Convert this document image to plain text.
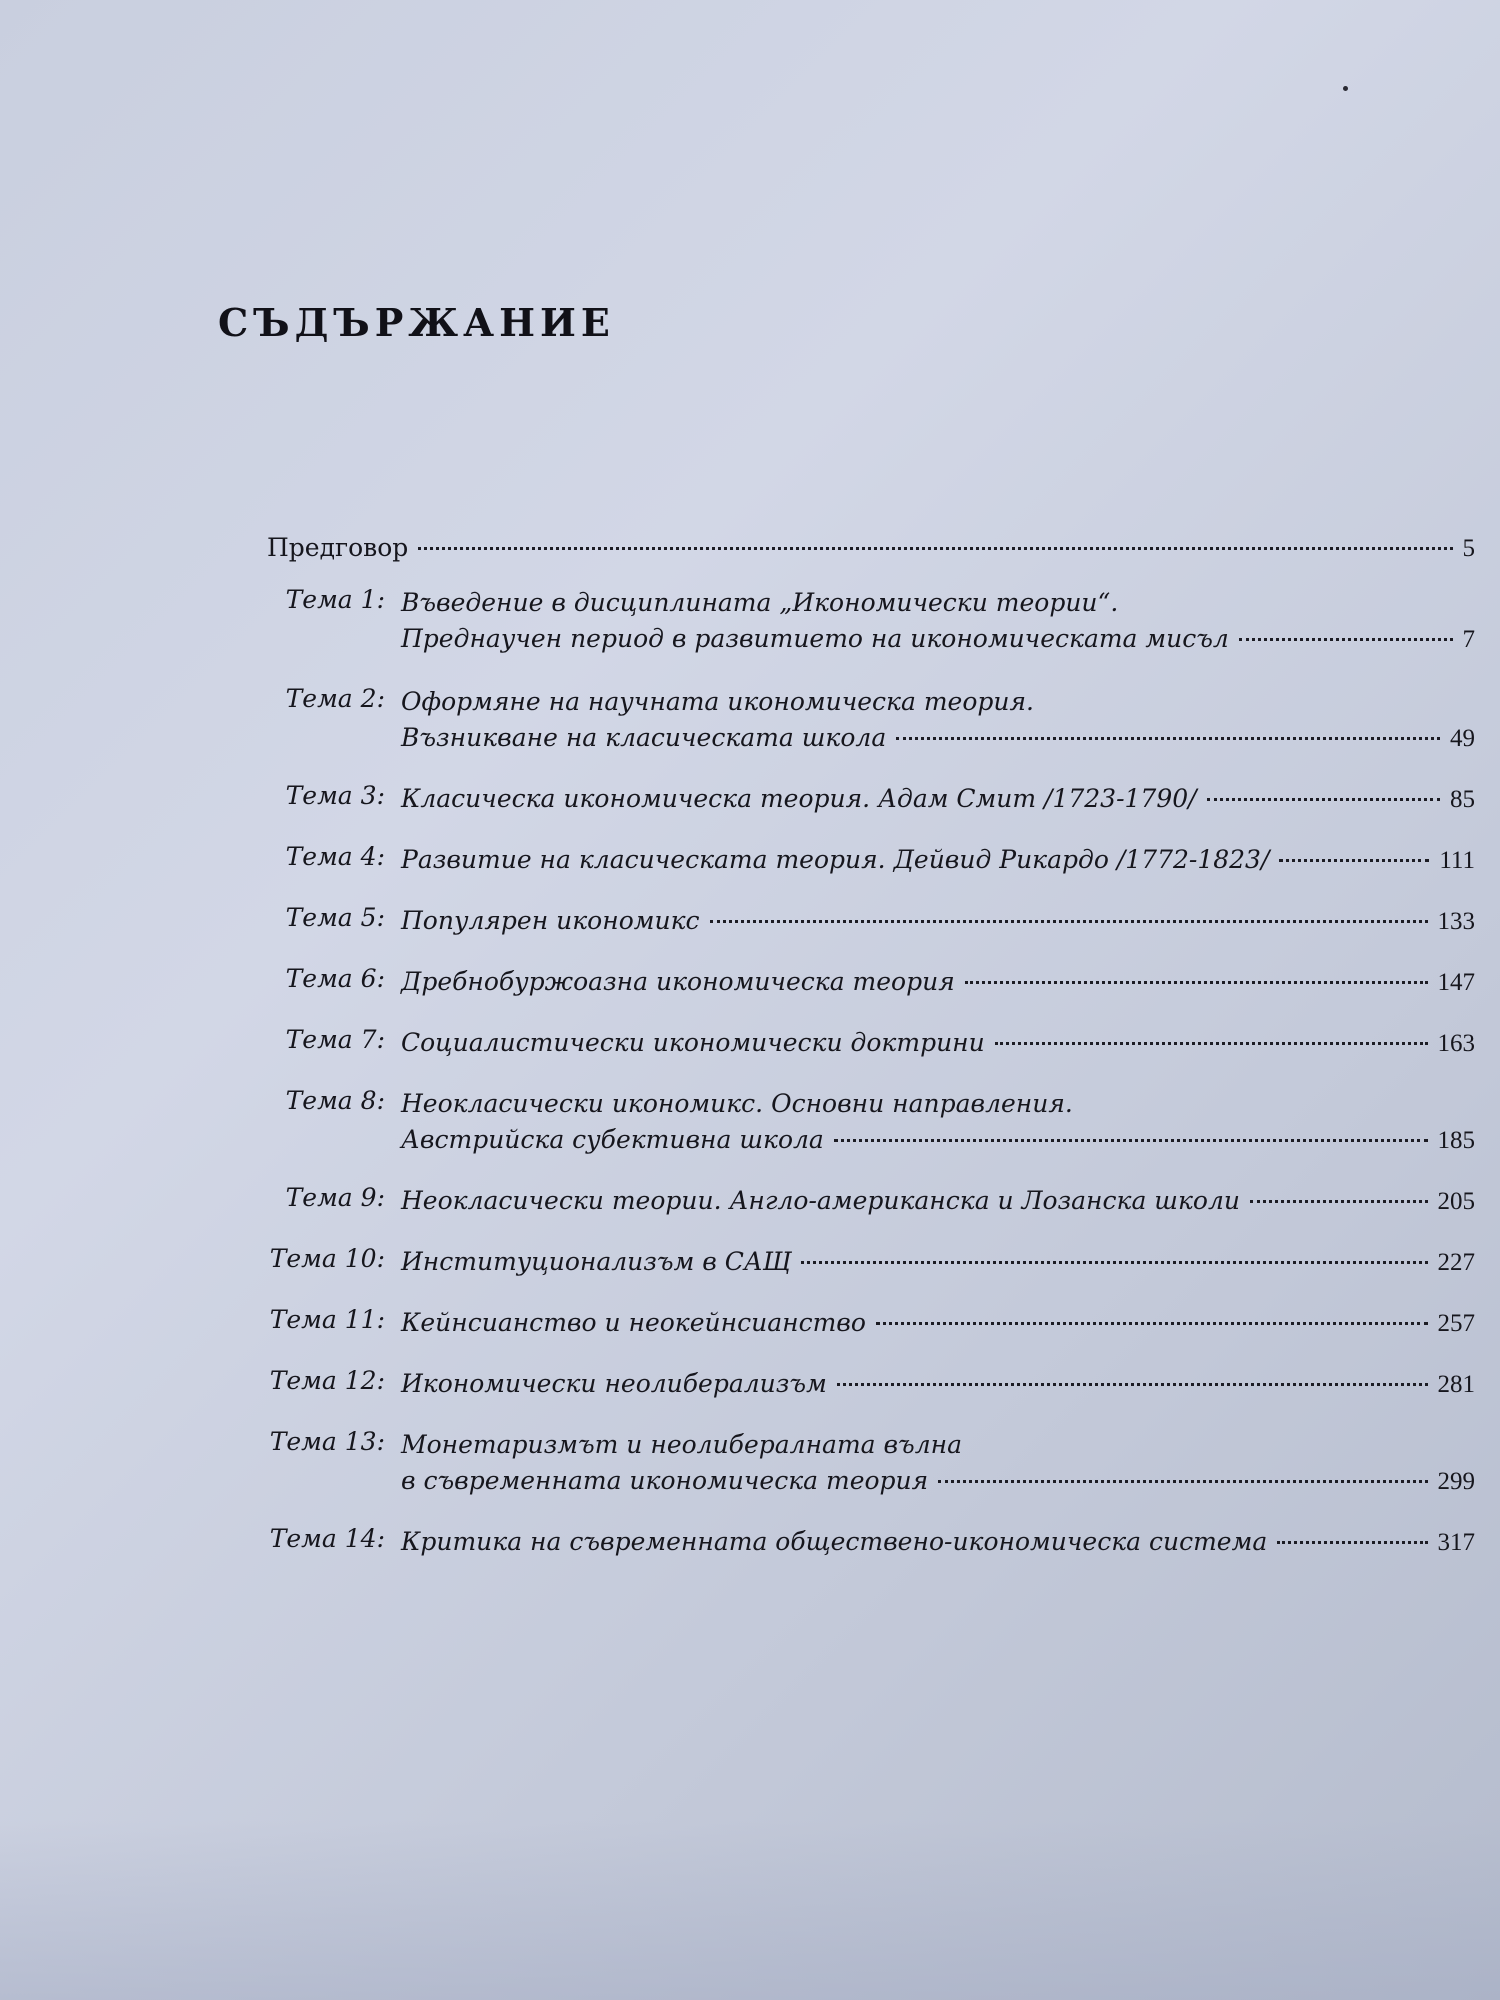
СЪДЪРЖАНИЕ
Предговор	5
Тема 1: Въведение в дисциплината „Икономически теории“.
Преднаучен период в развитието на икономическата мисъл	7
Тема 2: Оформяне на научната икономическа теория.
Възникване на класическата школа	49
Тема 3: Класическа икономическа теория. Адам Смит /1723-1790/	85
Тема 4: Развитие на класическата теория. Дейвид Рикардо /1772-1823/	111
Тема 5: Популярен икономикс	133
Тема 6: Дребнобуржоазна икономическа теория	147
Тема 7: Социалистически икономически доктрини	163
Тема 8: Неокласически икономикс. Основни направления.
Австрийска субективна школа	185
Тема 9: Неокласически теории. Англо-американска и Лозанска школи	205
Тема 10: Институционализъм в САЩ	227
Тема 11: Кейнсианство и неокейнсианство	257
Тема 12: Икономически неолиберализъм	281
Тема 13: Монетаризмът и неолибералната вълна
в съвременната икономическа теория	299
Тема 14: Критика на съвременната обществено-икономическа система	317
